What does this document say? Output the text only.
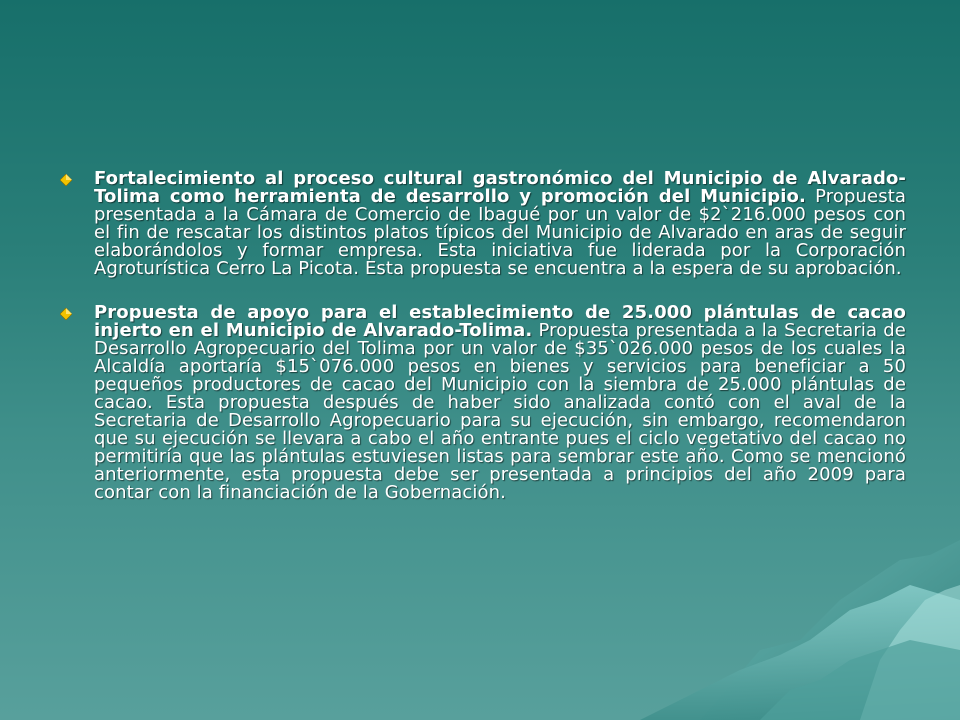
Fortalecimiento al proceso cultural gastronómico del Municipio de Alvarado-Tolima como herramienta de desarrollo y promoción del Municipio. Propuesta presentada a la Cámara de Comercio de Ibagué por un valor de $2`216.000 pesos con el fin de rescatar los distintos platos típicos del Municipio de Alvarado en aras de seguir elaborándolos y formar empresa. Esta iniciativa fue liderada por la Corporación Agroturística Cerro La Picota. Esta propuesta se encuentra a la espera de su aprobación.
Propuesta de apoyo para el establecimiento de 25.000 plántulas de cacao injerto en el Municipio de Alvarado-Tolima. Propuesta presentada a la Secretaria de Desarrollo Agropecuario del Tolima por un valor de $35`026.000 pesos de los cuales la Alcaldía aportaría $15`076.000 pesos en bienes y servicios para beneficiar a 50 pequeños productores de cacao del Municipio con la siembra de 25.000 plántulas de cacao. Esta propuesta después de haber sido analizada contó con el aval de la Secretaria de Desarrollo Agropecuario para su ejecución, sin embargo, recomendaron que su ejecución se llevara a cabo el año entrante pues el ciclo vegetativo del cacao no permitiría que las plántulas estuviesen listas para sembrar este año. Como se mencionó anteriormente, esta propuesta debe ser presentada a principios del año 2009 para contar con la financiación de la Gobernación.
